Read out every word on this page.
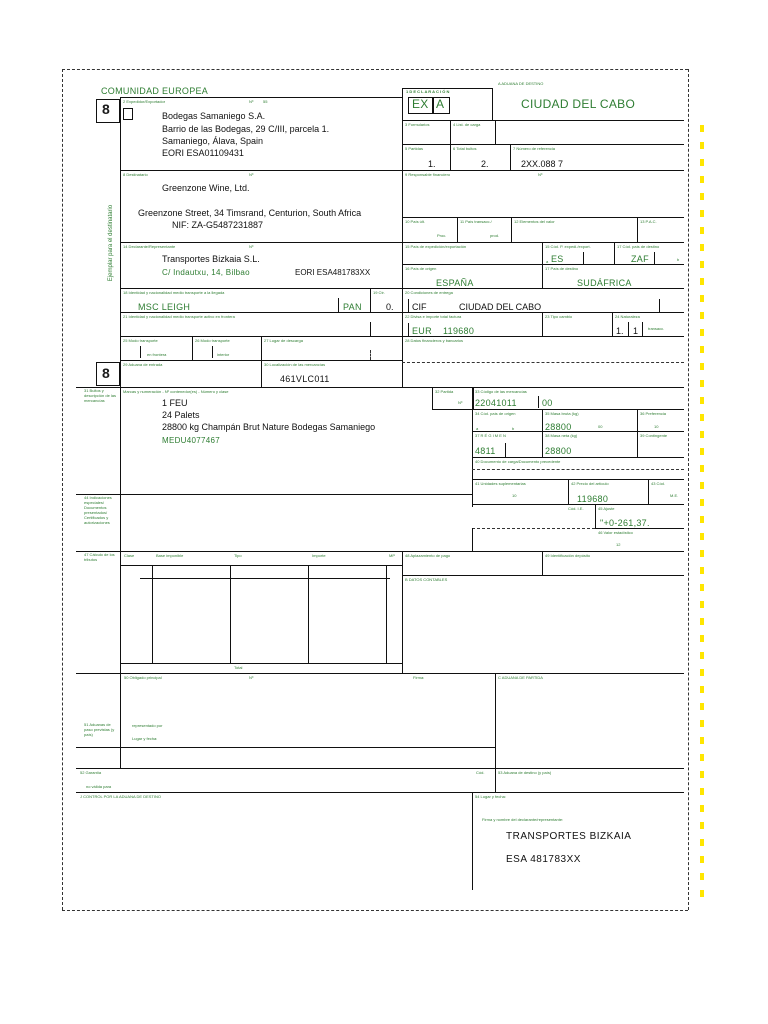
COMUNIDAD EUROPEA
A ADUANA DE DESTINO
1 D E C L A R A C I Ó N
8
8
Ejemplar para el destinatario
EX A	CIUDAD DEL CABO
2 Expedidor/Exportador	Nº 55
Bodegas Samaniego S.A.
Barrio de las Bodegas, 29 C/III, parcela 1.
Samaniego, Álava, Spain
EORI ESA01109431
3 Formularios	4 List. de carga
5 Partidas
1.
6 Total bultos
2.
7 Número de referencia
2XX.088 7
8 Destinatario	Nº
Greenzone Wine, Ltd.
Greenzone Street, 34 Timsrand, Centurion, South Africa
NIF: ZA-G5487231887
9 Responsable financiero	Nº
10 País últ.
Proc.
11 País transacc./
prod.
12 Elementos del valor	13 P.A.C.
14 Declarante/Representante	Nº
Transportes Bizkaia S.L.
C/ Indautxu, 14, Bilbao	EORI ESA481783XX
15 País de expedición/exportación	15 Cód. P. expedi./export.
a ES
17 Cód. país de destino
ZAF	b
16 País de origen
ESPAÑA
17 País de destino
SUDÁFRICA
18 Identidad y nacionalidad medio transporte a la llegada
MSC LEIGH	PAN
19 Ctr.
0.
20 Condiciones de entrega
CIF	CIUDAD DEL CABO
21 Identidad y nacionalidad medio transporte activo en frontera	22 Divisa e importe total factura
EUR 119680
23 Tipo cambio	24 Naturaleza
1. 1 transacc.
25 Modo transporte
en frontera
26 Modo transporte
interior
27 Lugar de descarga	28 Datos financieros y bancarios
29 Aduana de entrada	30 Localización de las mercancías
461VLC011
31 Bultos y descripción de las mercancías
Marcas y numeración - Nº contenedor(es) - Número y clase
1 FEU
24 Palets
28800 kg Champán Brut Nature Bodegas Samaniego
MEDU4077467
32 Partida
Nº
33 Código de las mercancías
22041011	00
34 Cód. país de origen
a	b
35 Masa bruta (kg)
28800	00
36 Preferencia
10
37 R É G I M E N
4811
38 Masa neta (kg)
28800
39 Contingente
40 Documento de carga/Documento precedente
41 Unidades suplementarias
10
42 Precio del artículo
119680
43 Cód.
M.E.
44 Indicaciones especiales/ Documentos presentados/ Certificados y autorizaciones
Cód. I.E.	45 Ajuste
"+0-261,37.
46 Valor estadístico
12
47 Cálculo de los tributos
Clase	Base imponible	Tipo	Importe	MP
Total
48 Aplazamiento de pago	49 Identificación depósito
B DATOS CONTABLES
50 Obligado principal	Nº	Firma:	C ADUANA DE PARTIDA
51 Aduanas de paso previstas (y país)
representado por
Lugar y fecha:
52 Garantía
no válida para
Cód.	53 Aduana de destino (y país)
J CONTROL POR LA ADUANA DE DESTINO	54 Lugar y fecha:
Firma y nombre del declarante/representante:
TRANSPORTES BIZKAIA
ESA 481783XX
